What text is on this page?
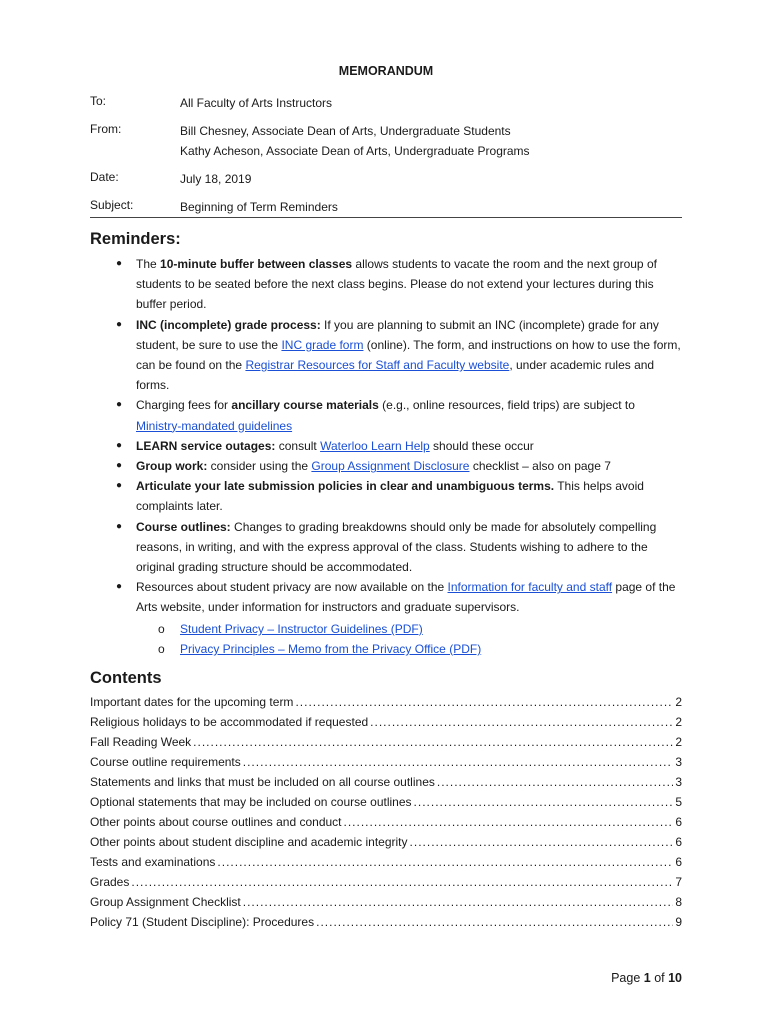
MEMORANDUM
To:	All Faculty of Arts Instructors
From:	Bill Chesney, Associate Dean of Arts, Undergraduate Students
Kathy Acheson, Associate Dean of Arts, Undergraduate Programs
Date:	July 18, 2019
Subject:	Beginning of Term Reminders
Reminders:
● The 10-minute buffer between classes allows students to vacate the room and the next group of students to be seated before the next class begins. Please do not extend your lectures during this buffer period.
● INC (incomplete) grade process: If you are planning to submit an INC (incomplete) grade for any student, be sure to use the INC grade form (online). The form, and instructions on how to use the form, can be found on the Registrar Resources for Staff and Faculty website, under academic rules and forms.
● Charging fees for ancillary course materials (e.g., online resources, field trips) are subject to Ministry-mandated guidelines
● LEARN service outages: consult Waterloo Learn Help should these occur
● Group work: consider using the Group Assignment Disclosure checklist – also on page 7
● Articulate your late submission policies in clear and unambiguous terms. This helps avoid complaints later.
● Course outlines: Changes to grading breakdowns should only be made for absolutely compelling reasons, in writing, and with the express approval of the class. Students wishing to adhere to the original grading structure should be accommodated.
● Resources about student privacy are now available on the Information for faculty and staff page of the Arts website, under information for instructors and graduate supervisors.
o Student Privacy – Instructor Guidelines (PDF)
o Privacy Principles – Memo from the Privacy Office (PDF)
Contents
Important dates for the upcoming term .....	2
Religious holidays to be accommodated if requested .....	2
Fall Reading Week .....	2
Course outline requirements .....	3
Statements and links that must be included on all course outlines .....	3
Optional statements that may be included on course outlines .....	5
Other points about course outlines and conduct .....	6
Other points about student discipline and academic integrity .....	6
Tests and examinations .....	6
Grades .....	7
Group Assignment Checklist .....	8
Policy 71 (Student Discipline): Procedures .....	9
Page 1 of 10
